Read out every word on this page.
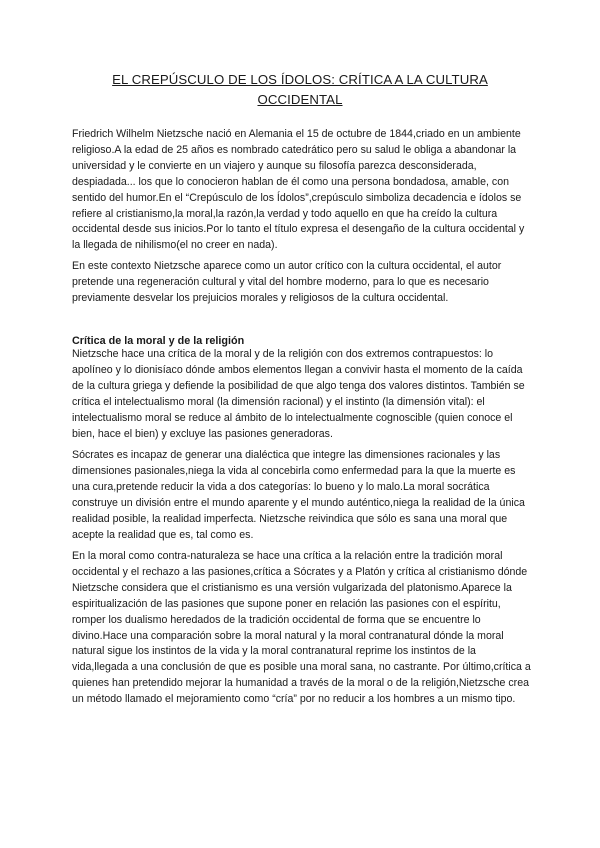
EL CREPÚSCULO DE LOS ÍDOLOS: CRÍTICA A LA CULTURA OCCIDENTAL

Friedrich Wilhelm Nietzsche nació en Alemania el 15 de octubre de 1844,criado en un ambiente religioso.A la edad de 25 años es nombrado catedrático pero su salud le obliga a abandonar la universidad y le convierte en un viajero y aunque su filosofía parezca desconsiderada, despiadada... los que lo conocieron hablan de él como una persona bondadosa, amable, con sentido del humor.En el “Crepúsculo de los Ídolos”,crepúsculo simboliza decadencia e ídolos se refiere al cristianismo,la moral,la razón,la verdad y todo aquello en que ha creído la cultura occidental desde sus inicios.Por lo tanto el título expresa el desengaño de la cultura occidental y la llegada de nihilismo(el no creer en nada).

En este contexto Nietzsche aparece como un autor crítico con la cultura occidental, el autor pretende una regeneración cultural y vital del hombre moderno, para lo que es necesario previamente desvelar los prejuicios morales y religiosos de la cultura occidental.

Crítica de la moral y de la religión

Nietzsche hace una crítica de la moral y de la religión con dos extremos contrapuestos: lo apolíneo y lo dionisíaco dónde ambos elementos llegan a convivir hasta el momento de la caída de la cultura griega y defiende la posibilidad de que algo tenga dos valores distintos. También se crítica el intelectualismo moral (la dimensión racional) y el instinto (la dimensión vital): el intelectualismo moral se reduce al ámbito de lo intelectualmente cognoscible (quien conoce el bien, hace el bien) y excluye las pasiones generadoras.

Sócrates es incapaz de generar una dialéctica que integre las dimensiones racionales y las dimensiones pasionales,niega la vida al concebirla como enfermedad para la que la muerte es una cura,pretende reducir la vida a dos categorías: lo bueno y lo malo.La moral socrática construye un división entre el mundo aparente y el mundo auténtico,niega la realidad de la única realidad posible, la realidad imperfecta. Nietzsche reivindica que sólo es sana una moral que acepte la realidad que es, tal como es.

En la moral como contra-naturaleza se hace una crítica a la relación entre la tradición moral occidental y el rechazo a las pasiones,crítica a Sócrates y a Platón y crítica al cristianismo dónde Nietzsche considera que el cristianismo es una versión vulgarizada del platonismo.Aparece la espiritualización de las pasiones que supone poner en relación las pasiones con el espíritu, romper los dualismo heredados de la tradición occidental de forma que se encuentre lo divino.Hace una comparación sobre la moral natural y la moral contranatural dónde la moral natural sigue los instintos de la vida y la moral contranatural reprime los instintos de la vida,llegada a una conclusión de que es posible una moral sana, no castrante. Por último,crítica a quienes han pretendido mejorar la humanidad a través de la moral o de la religión,Nietzsche crea un método llamado el mejoramiento como “cría” por no reducir a los hombres a un mismo tipo.
